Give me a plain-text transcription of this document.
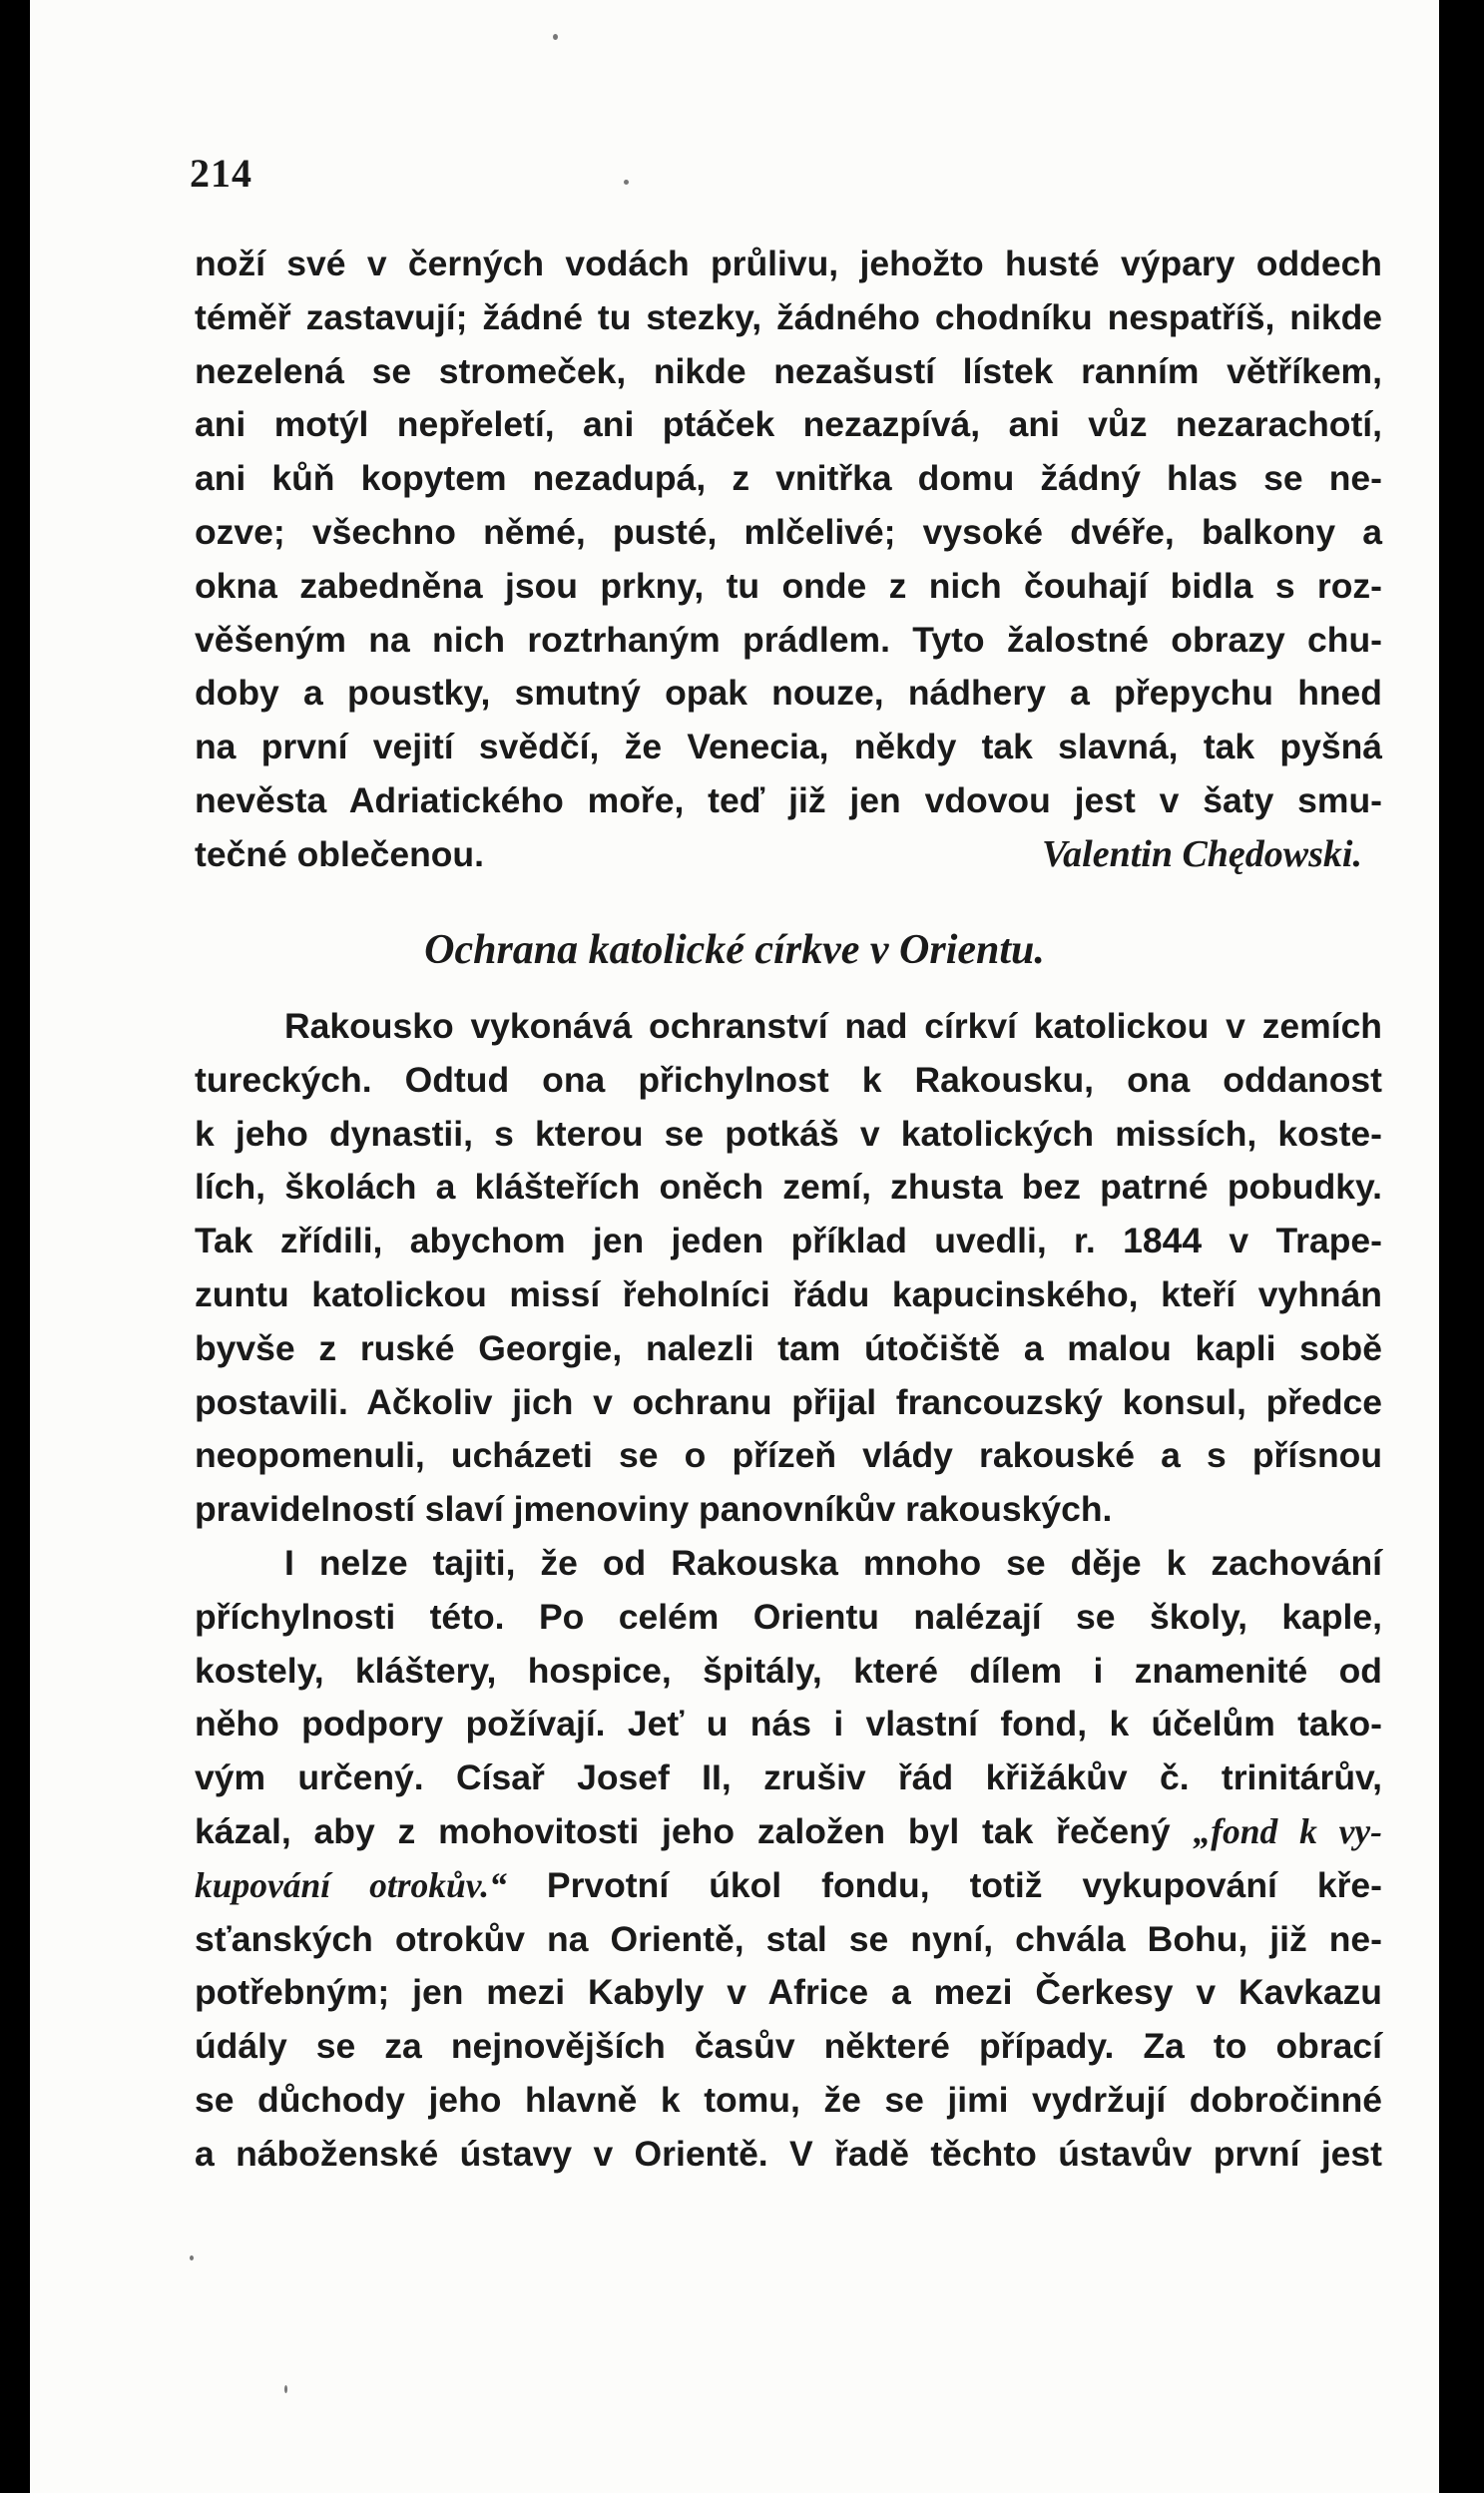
214
noží své v černých vodách průlivu, jehožto husté výpary oddech
téměř zastavují; žádné tu stezky, žádného chodníku nespatříš, nikde
nezelená se stromeček, nikde nezašustí lístek ranním větříkem,
ani motýl nepřeletí, ani ptáček nezazpívá, ani vůz nezarachotí,
ani kůň kopytem nezadupá, z vnitřka domu žádný hlas se ne-
ozve; všechno němé, pusté, mlčelivé; vysoké dvéře, balkony a
okna zabedněna jsou prkny, tu onde z nich čouhají bidla s roz-
věšeným na nich roztrhaným prádlem. Tyto žalostné obrazy chu-
doby a poustky, smutný opak nouze, nádhery a přepychu hned
na první vejití svědčí, že Venecia, někdy tak slavná, tak pyšná
nevěsta Adriatického moře, teď již jen vdovou jest v šaty smu-
tečné oblečenou.	Valentin Chędowski.
Ochrana katolické církve v Orientu.
Rakousko vykonává ochranství nad církví katolickou v zemích
tureckých. Odtud ona přichylnost k Rakousku, ona oddanost
k jeho dynastii, s kterou se potkáš v katolických missích, koste-
lích, školách a klášteřích oněch zemí, zhusta bez patrné pobudky.
Tak zřídili, abychom jen jeden příklad uvedli, r. 1844 v Trape-
zuntu katolickou missí řeholníci řádu kapucinského, kteří vyhnán
byvše z ruské Georgie, nalezli tam útočiště a malou kapli sobě
postavili. Ačkoliv jich v ochranu přijal francouzský konsul, předce
neopomenuli, ucházeti se o přízeň vlády rakouské a s přísnou
pravidelností slaví jmenoviny panovníkův rakouských.
I nelze tajiti, že od Rakouska mnoho se děje k zachování
příchylnosti této. Po celém Orientu nalézají se školy, kaple,
kostely, kláštery, hospice, špitály, které dílem i znamenité od
něho podpory požívají. Jeť u nás i vlastní fond, k účelům tako-
vým určený. Císař Josef II, zrušiv řád křižákův č. trinitárův,
kázal, aby z mohovitosti jeho založen byl tak řečený „fond k vy-
kupování otrokův.“ Prvotní úkol fondu, totiž vykupování kře-
sťanských otrokův na Orientě, stal se nyní, chvála Bohu, již ne-
potřebným; jen mezi Kabyly v Africe a mezi Čerkesy v Kavkazu
údály se za nejnovějších časův některé případy. Za to obrací
se důchody jeho hlavně k tomu, že se jimi vydržují dobročinné
a náboženské ústavy v Orientě. V řadě těchto ústavův první jest
